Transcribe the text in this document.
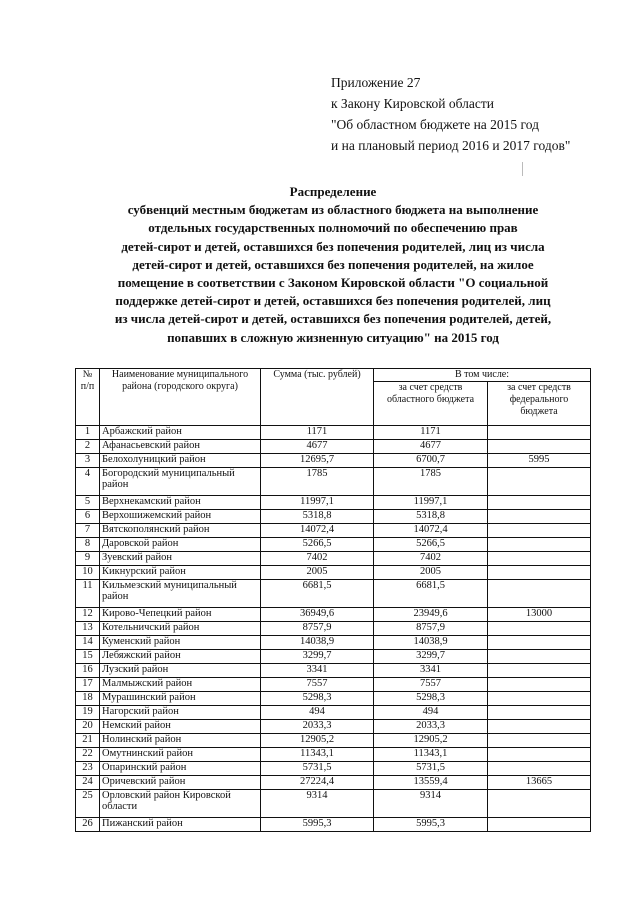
Приложение 27
к Закону Кировской области
"Об областном бюджете на 2015 год
и на плановый период 2016 и 2017 годов"
Распределение
субвенций местным бюджетам из областного бюджета на выполнение
отдельных государственных полномочий по обеспечению прав
детей-сирот и детей, оставшихся без попечения родителей, лиц из числа
детей-сирот и детей, оставшихся без попечения родителей, на жилое
помещение в соответствии с Законом Кировской области "О социальной
поддержке детей-сирот и детей, оставшихся без попечения родителей, лиц
из числа детей-сирот и детей, оставшихся без попечения родителей, детей,
попавших в сложную жизненную ситуацию" на 2015 год
№ п/п	Наименование муниципального района (городского округа)	Сумма (тыс. рублей)	В том числе:	
			за счет средств областного бюджета	за счет средств федерального бюджета
1	Арбажский район	1171	1171	
2	Афанасьевский район	4677	4677	
3	Белохолуницкий район	12695,7	6700,7	5995
4	Богородский муниципальный район	1785	1785	
5	Верхнекамский район	11997,1	11997,1	
6	Верхошижемский район	5318,8	5318,8	
7	Вятскополянский район	14072,4	14072,4	
8	Даровской район	5266,5	5266,5	
9	Зуевский район	7402	7402	
10	Кикнурский район	2005	2005	
11	Кильмезский муниципальный район	6681,5	6681,5	
12	Кирово-Чепецкий район	36949,6	23949,6	13000
13	Котельничский район	8757,9	8757,9	
14	Куменский район	14038,9	14038,9	
15	Лебяжский район	3299,7	3299,7	
16	Лузский район	3341	3341	
17	Малмыжский район	7557	7557	
18	Мурашинский район	5298,3	5298,3	
19	Нагорский район	494	494	
20	Немский район	2033,3	2033,3	
21	Нолинский район	12905,2	12905,2	
22	Омутнинский район	11343,1	11343,1	
23	Опаринский район	5731,5	5731,5	
24	Оричевский район	27224,4	13559,4	13665
25	Орловский район Кировской области	9314	9314	
26	Пижанский район	5995,3	5995,3	
